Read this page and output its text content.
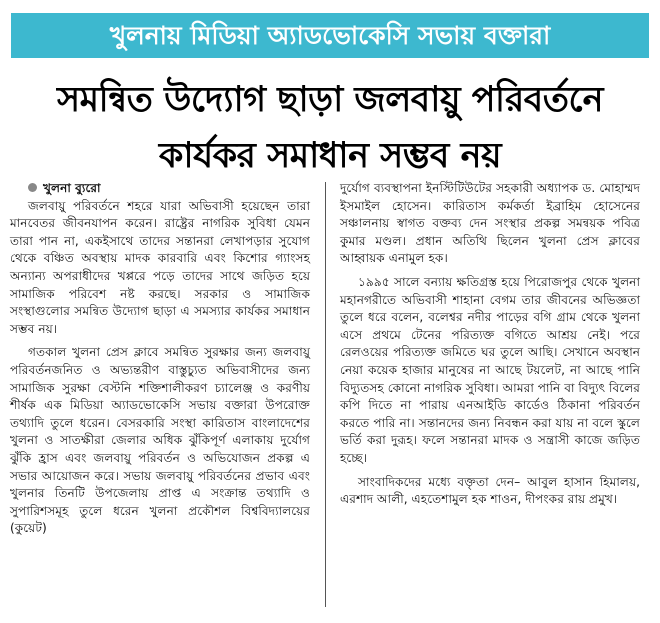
খুলনায় মিডিয়া অ্যাডভোকেসি সভায় বক্তারা
সমন্বিত উদ্যোগ ছাড়া জলবায়ু পরিবর্তনে
কার্যকর সমাধান সম্ভব নয়

খুলনা ব্যুরো

জলবায়ু পরিবর্তনে শহরে যারা অভিবাসী হয়েছেন তারা মানবেতর জীবনযাপন করেন। রাষ্ট্রের নাগরিক সুবিধা যেমন তারা পান না, একইসাথে তাদের সন্তানরা লেখাপড়ার সুযোগ থেকে বঞ্চিত অবস্থায় মাদক কারবারি এবং কিশোর গ্যাংসহ অন্যান্য অপরাধীদের খপ্পরে পড়ে তাদের সাথে জড়িত হয়ে সামাজিক পরিবেশ নষ্ট করছে। সরকার ও সামাজিক সংস্থাগুলোর সমন্বিত উদ্যোগ ছাড়া এ সমস্যার কার্যকর সমাধান সম্ভব নয়।

গতকাল খুলনা প্রেস ক্লাবে সমন্বিত সুরক্ষার জন্য জলবায়ু পরিবর্তনজনিত ও অভ্যন্তরীণ বাস্তুচ্যুত অভিবাসীদের জন্য সামাজিক সুরক্ষা বেস্টনি শক্তিশালীকরণ চ্যালেঞ্জ ও করণীয় শীর্ষক এক মিডিয়া অ্যাডভোকেসি সভায় বক্তারা উপরোক্ত তথ্যাদি তুলে ধরেন। বেসরকারি সংস্থা কারিতাস বাংলাদেশের খুলনা ও সাতক্ষীরা জেলার অধিক ঝুঁকিপূর্ণ এলাকায় দুর্যোগ ঝুঁকি হ্রাস এবং জলবায়ু পরিবর্তন ও অভিযোজন প্রকল্প এ সভার আয়োজন করে। সভায় জলবায়ু পরিবর্তনের প্রভাব এবং খুলনার তিনটি উপজেলায় প্রাপ্ত এ সংক্রান্ত তথ্যাদি ও সুপারিশসমূহ তুলে ধরেন খুলনা প্রকৌশল বিশ্ববিদ্যালয়ের (কুয়েট)

দুর্যোগ ব্যবস্থাপনা ইনস্টিটিউটের সহকারী অধ্যাপক ড. মোহাম্মদ ইসমাইল হোসেন। কারিতাস কর্মকর্তা ইব্রাহিম হোসেনের সঞ্চালনায় স্বাগত বক্তব্য দেন সংস্থার প্রকল্প সমন্বয়ক পবিত্র কুমার মণ্ডল। প্রধান অতিথি ছিলেন খুলনা প্রেস ক্লাবের আহ্বায়ক এনামুল হক।

১৯৯৫ সালে বন্যায় ক্ষতিগ্রস্ত হয়ে পিরোজপুর থেকে খুলনা মহানগরীতে অভিবাসী শাহানা বেগম তার জীবনের অভিজ্ঞতা তুলে ধরে বলেন, বলেশ্বর নদীর পাড়ের বগি গ্রাম থেকে খুলনা এসে প্রথমে টেনের পরিত্যক্ত বগিতে আশ্রয় নেই। পরে রেলওয়ের পরিত্যক্ত জমিতে ঘর তুলে আছি। সেখানে অবস্থান নেয়া কয়েক হাজার মানুষের না আছে টয়লেট, না আছে পানি বিদ্যুতসহ কোনো নাগরিক সুবিধা। আমরা পানি বা বিদ্যুৎ বিলের কপি দিতে না পারায় এনআইডি কার্ডেও ঠিকানা পরিবর্তন করতে পারি না। সন্তানদের জন্য নিবন্ধন করা যায় না বলে স্কুলে ভর্তি করা দুরূহ। ফলে সন্তানরা মাদক ও সন্ত্রাসী কাজে জড়িত হচ্ছে।

সাংবাদিকদের মধ্যে বক্তৃতা দেন– আবুল হাসান হিমালয়, এরশাদ আলী, এহতেশামুল হক শাওন, দীপংকর রায় প্রমুখ।
